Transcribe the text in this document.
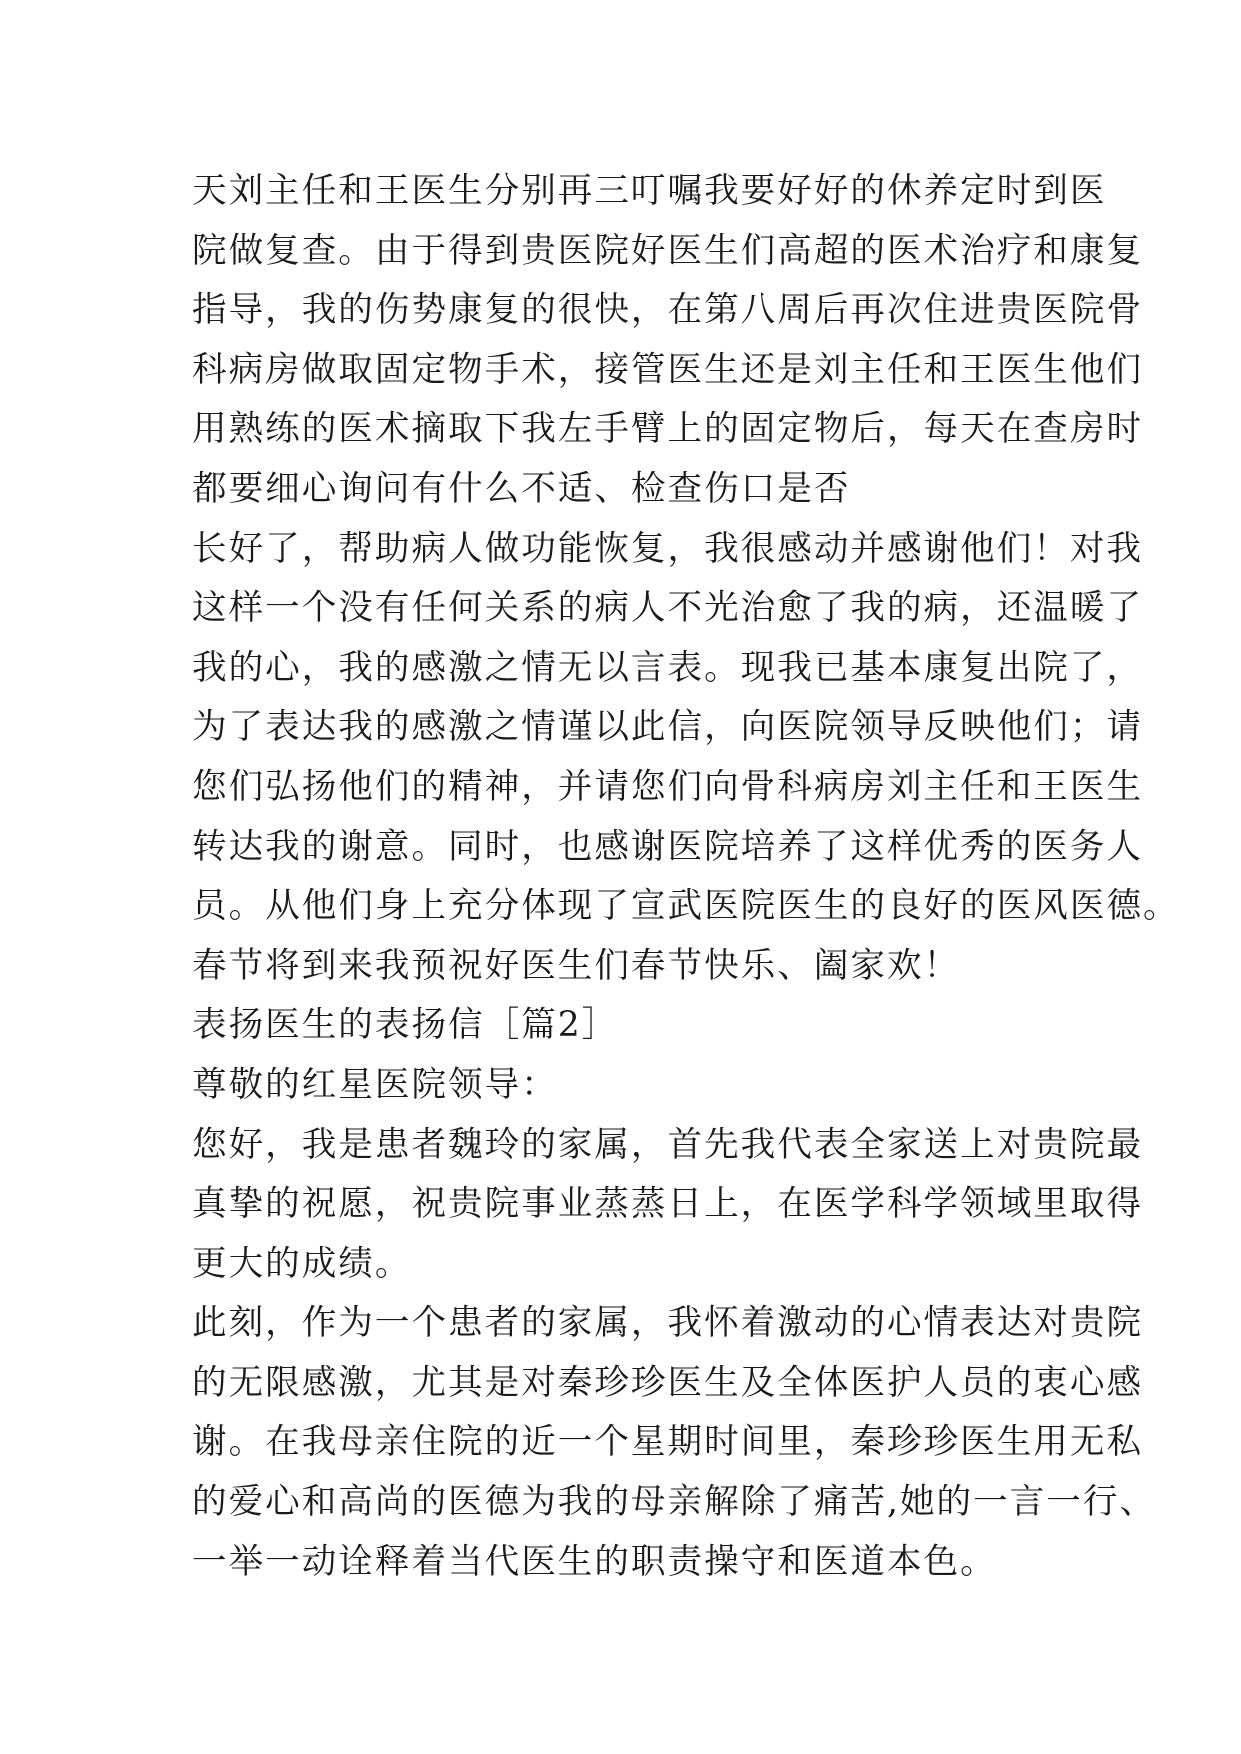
天刘主任和王医生分别再三叮嘱我要好好的休养定时到医
院做复查。由于得到贵医院好医生们高超的医术治疗和康复
指导，我的伤势康复的很快，在第八周后再次住进贵医院骨
科病房做取固定物手术，接管医生还是刘主任和王医生他们
用熟练的医术摘取下我左手臂上的固定物后，每天在查房时
都要细心询问有什么不适、检查伤口是否
长好了，帮助病人做功能恢复，我很感动并感谢他们！对我
这样一个没有任何关系的病人不光治愈了我的病，还温暖了
我的心，我的感激之情无以言表。现我已基本康复出院了，
为了表达我的感激之情谨以此信，向医院领导反映他们；请
您们弘扬他们的精神，并请您们向骨科病房刘主任和王医生
转达我的谢意。同时，也感谢医院培养了这样优秀的医务人
员。从他们身上充分体现了宣武医院医生的良好的医风医德。
春节将到来我预祝好医生们春节快乐、阖家欢！
表扬医生的表扬信［篇2］
尊敬的红星医院领导：
您好，我是患者魏玲的家属，首先我代表全家送上对贵院最
真挚的祝愿，祝贵院事业蒸蒸日上，在医学科学领域里取得
更大的成绩。
此刻，作为一个患者的家属，我怀着激动的心情表达对贵院
的无限感激，尤其是对秦珍珍医生及全体医护人员的衷心感
谢。在我母亲住院的近一个星期时间里，秦珍珍医生用无私
的爱心和高尚的医德为我的母亲解除了痛苦,她的一言一行、
一举一动诠释着当代医生的职责操守和医道本色。
